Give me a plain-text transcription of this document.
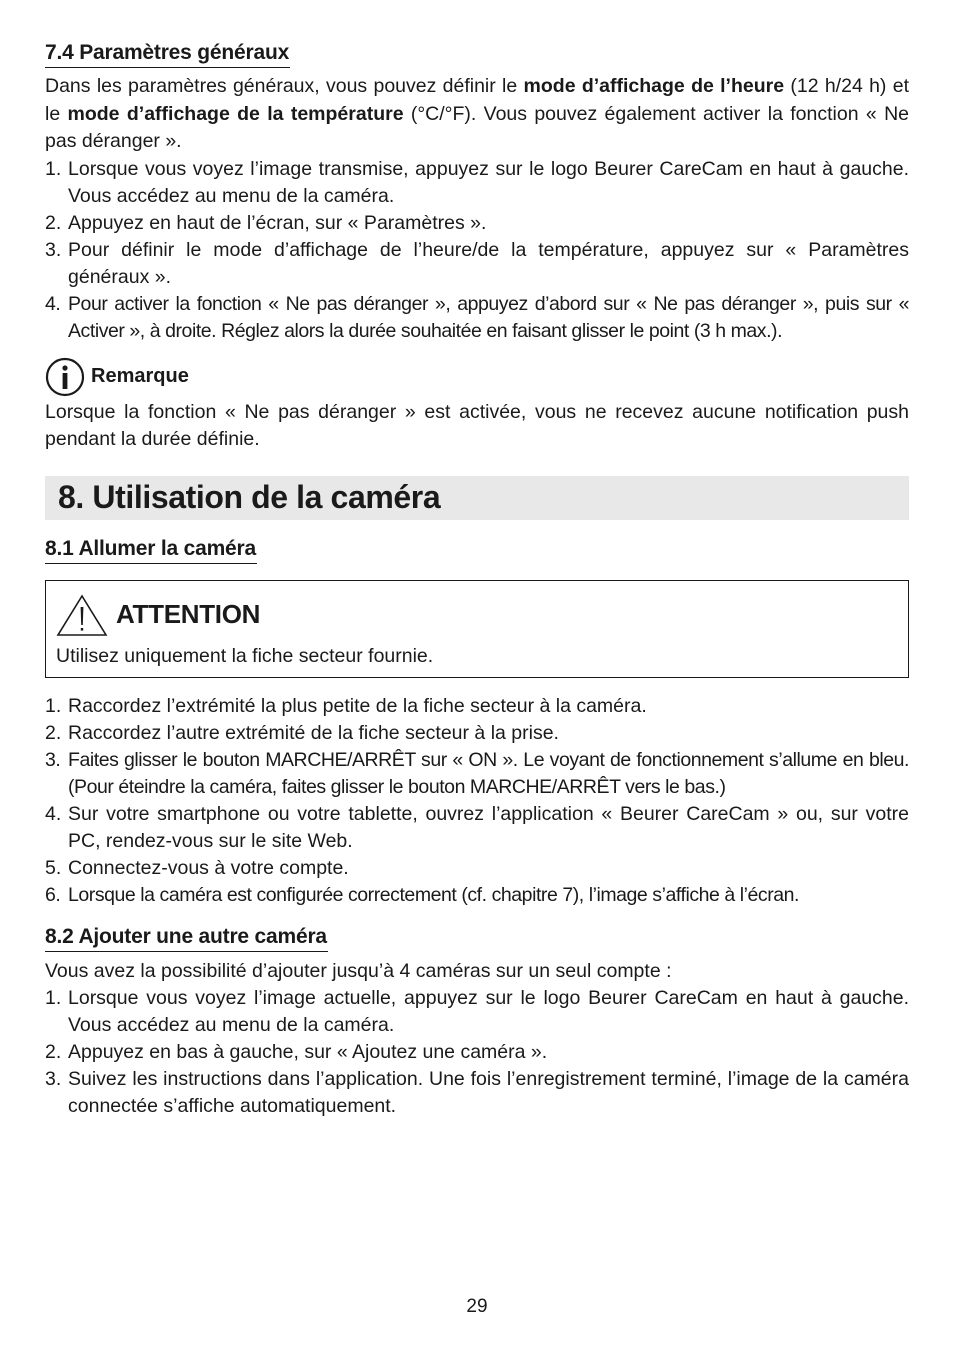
7.4 Paramètres généraux

Dans les paramètres généraux, vous pouvez définir le mode d’affichage de l’heure (12 h/24 h) et le mode d’affichage de la température (°C/°F). Vous pouvez également activer la fonction « Ne pas déranger ».

1. Lorsque vous voyez l’image transmise, appuyez sur le logo Beurer CareCam en haut à gauche. Vous accédez au menu de la caméra.
2. Appuyez en haut de l’écran, sur « Paramètres ».
3. Pour définir le mode d’affichage de l’heure/de la température, appuyez sur « Paramètres généraux ».
4. Pour activer la fonction « Ne pas déranger », appuyez d’abord sur « Ne pas déranger », puis sur « Activer », à droite. Réglez alors la durée souhaitée en faisant glisser le point (3 h max.).
Remarque

Lorsque la fonction « Ne pas déranger » est activée, vous ne recevez aucune notification push pendant la durée définie.

8. Utilisation de la caméra
8.1 Allumer la caméra
ATTENTION

Utilisez uniquement la fiche secteur fournie.

1. Raccordez l’extrémité la plus petite de la fiche secteur à la caméra.
2. Raccordez l’autre extrémité de la fiche secteur à la prise.
3. Faites glisser le bouton MARCHE/ARRÊT sur « ON ». Le voyant de fonctionnement s’allume en bleu. (Pour éteindre la caméra, faites glisser le bouton MARCHE/ARRÊT vers le bas.)
4. Sur votre smartphone ou votre tablette, ouvrez l’application « Beurer CareCam » ou, sur votre PC, rendez-vous sur le site Web.
5. Connectez-vous à votre compte.
6. Lorsque la caméra est configurée correctement (cf. chapitre 7), l’image s’affiche à l’écran.
8.2 Ajouter une autre caméra

Vous avez la possibilité d’ajouter jusqu’à 4 caméras sur un seul compte :

1. Lorsque vous voyez l’image actuelle, appuyez sur le logo Beurer CareCam en haut à gauche. Vous accédez au menu de la caméra.
2. Appuyez en bas à gauche, sur « Ajoutez une caméra ».
3. Suivez les instructions dans l’application. Une fois l’enregistrement terminé, l’image de la caméra connectée s’affiche automatiquement.
29
